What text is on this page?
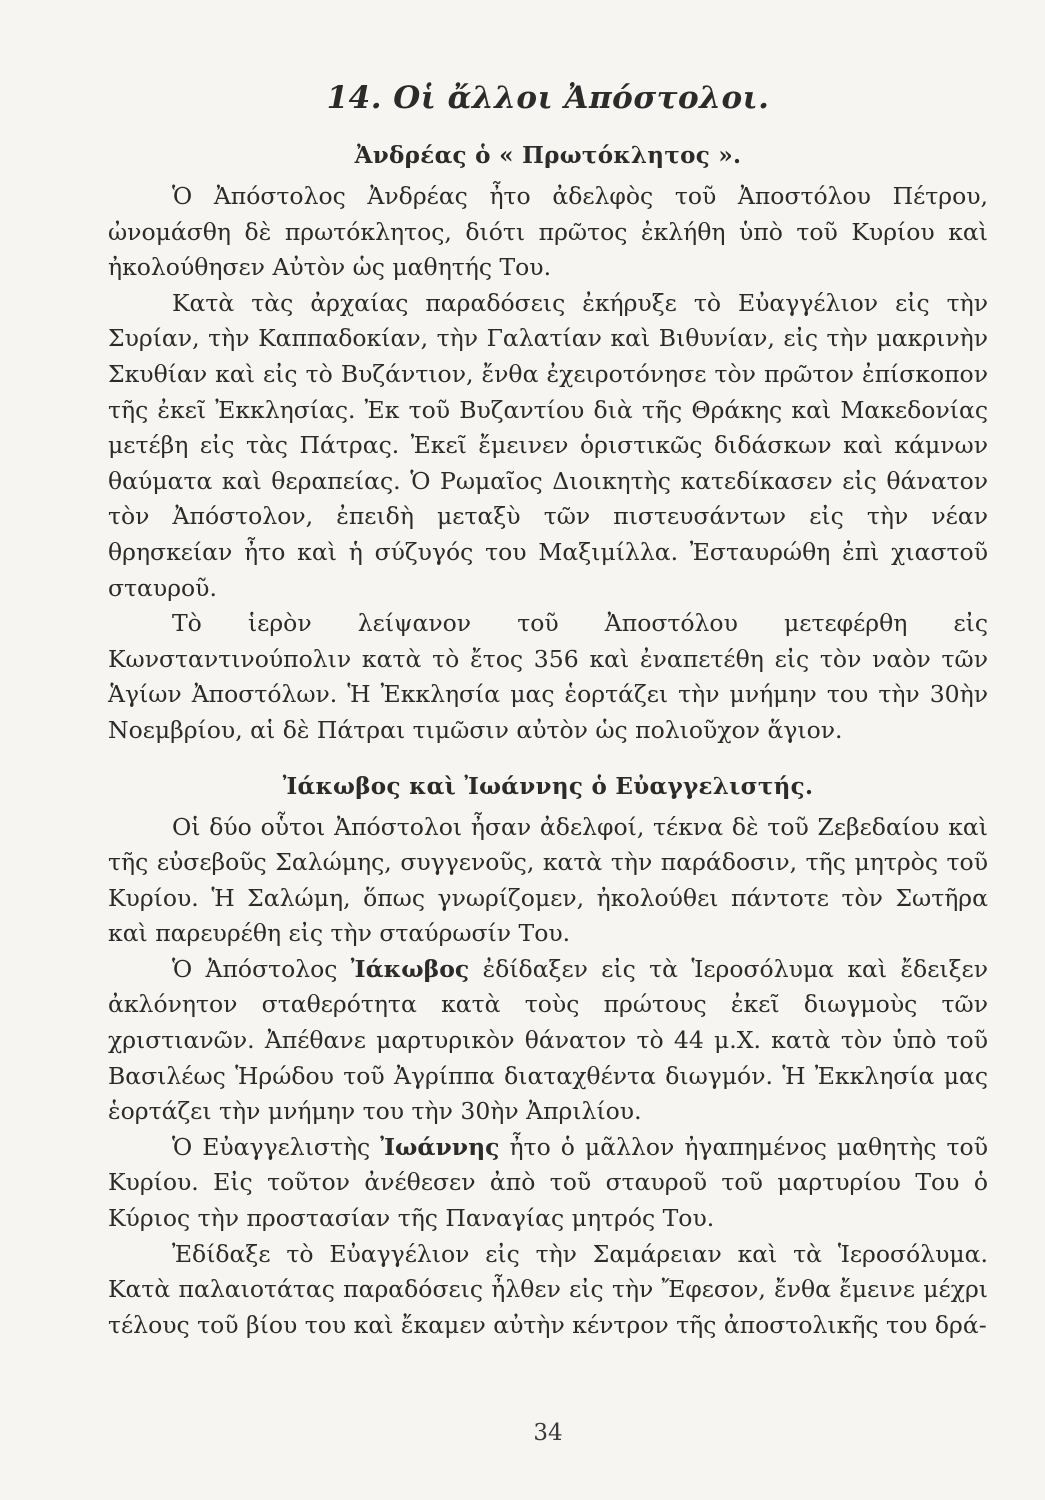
14. Οἱ ἄλλοι Ἀπόστολοι.
Ἀνδρέας ὁ « Πρωτόκλητος ».

Ὁ Ἀπόστολος Ἀνδρέας ἦτο ἀδελφὸς τοῦ Ἀποστόλου Πέτρου, ὠνομάσθη δὲ πρωτόκλητος, διότι πρῶτος ἐκλήθη ὑπὸ τοῦ Κυρίου καὶ ἠκολούθησεν Αὐτὸν ὡς μαθητής Του.

Κατὰ τὰς ἀρχαίας παραδόσεις ἐκήρυξε τὸ Εὐαγγέλιον εἰς τὴν Συρίαν, τὴν Καππαδοκίαν, τὴν Γαλατίαν καὶ Βιθυνίαν, εἰς τὴν μακρινὴν Σκυθίαν καὶ εἰς τὸ Βυζάντιον, ἔνθα ἐχειροτόνησε τὸν πρῶτον ἐπίσκοπον τῆς ἐκεῖ Ἐκκλησίας. Ἐκ τοῦ Βυζαντίου διὰ τῆς Θράκης καὶ Μακεδονίας μετέβη εἰς τὰς Πάτρας. Ἐκεῖ ἔμεινεν ὁριστικῶς διδάσκων καὶ κάμνων θαύματα καὶ θεραπείας. Ὁ Ρωμαῖος Διοικητὴς κατεδίκασεν εἰς θάνατον τὸν Ἀπόστολον, ἐπειδὴ μεταξὺ τῶν πιστευσάντων εἰς τὴν νέαν θρησκείαν ἦτο καὶ ἡ σύζυγός του Μαξιμίλλα. Ἐσταυρώθη ἐπὶ χιαστοῦ σταυροῦ.

Τὸ ἱερὸν λείψανον τοῦ Ἀποστόλου μετεφέρθη εἰς Κωνσταντινούπολιν κατὰ τὸ ἔτος 356 καὶ ἐναπετέθη εἰς τὸν ναὸν τῶν Ἁγίων Ἀποστόλων. Ἡ Ἐκκλησία μας ἑορτάζει τὴν μνήμην του τὴν 30ὴν Νοεμβρίου, αἱ δὲ Πάτραι τιμῶσιν αὐτὸν ὡς πολιοῦχον ἅγιον.

Ἰάκωβος καὶ Ἰωάννης ὁ Εὐαγγελιστής.

Οἱ δύο οὗτοι Ἀπόστολοι ἦσαν ἀδελφοί, τέκνα δὲ τοῦ Ζεβεδαίου καὶ τῆς εὐσεβοῦς Σαλώμης, συγγενοῦς, κατὰ τὴν παράδοσιν, τῆς μητρὸς τοῦ Κυρίου. Ἡ Σαλώμη, ὅπως γνωρίζομεν, ἠκολούθει πάντοτε τὸν Σωτῆρα καὶ παρευρέθη εἰς τὴν σταύρωσίν Του.

Ὁ Ἀπόστολος Ἰάκωβος ἐδίδαξεν εἰς τὰ Ἱεροσόλυμα καὶ ἔδειξεν ἀκλόνητον σταθερότητα κατὰ τοὺς πρώτους ἐκεῖ διωγμοὺς τῶν χριστιανῶν. Ἀπέθανε μαρτυρικὸν θάνατον τὸ 44 μ.Χ. κατὰ τὸν ὑπὸ τοῦ Βασιλέως Ἡρώδου τοῦ Ἀγρίππα διαταχθέντα διωγμόν. Ἡ Ἐκκλησία μας ἑορτάζει τὴν μνήμην του τὴν 30ὴν Ἀπριλίου.

Ὁ Εὐαγγελιστὴς Ἰωάννης ἦτο ὁ μᾶλλον ἠγαπημένος μαθητὴς τοῦ Κυρίου. Εἰς τοῦτον ἀνέθεσεν ἀπὸ τοῦ σταυροῦ τοῦ μαρτυρίου Του ὁ Κύριος τὴν προστασίαν τῆς Παναγίας μητρός Του.

Ἐδίδαξε τὸ Εὐαγγέλιον εἰς τὴν Σαμάρειαν καὶ τὰ Ἱεροσόλυμα. Κατὰ παλαιοτάτας παραδόσεις ἦλθεν εἰς τὴν Ἔφεσον, ἔνθα ἔμεινε μέχρι τέλους τοῦ βίου του καὶ ἔκαμεν αὐτὴν κέντρον τῆς ἀποστολικῆς του δρά-

34
